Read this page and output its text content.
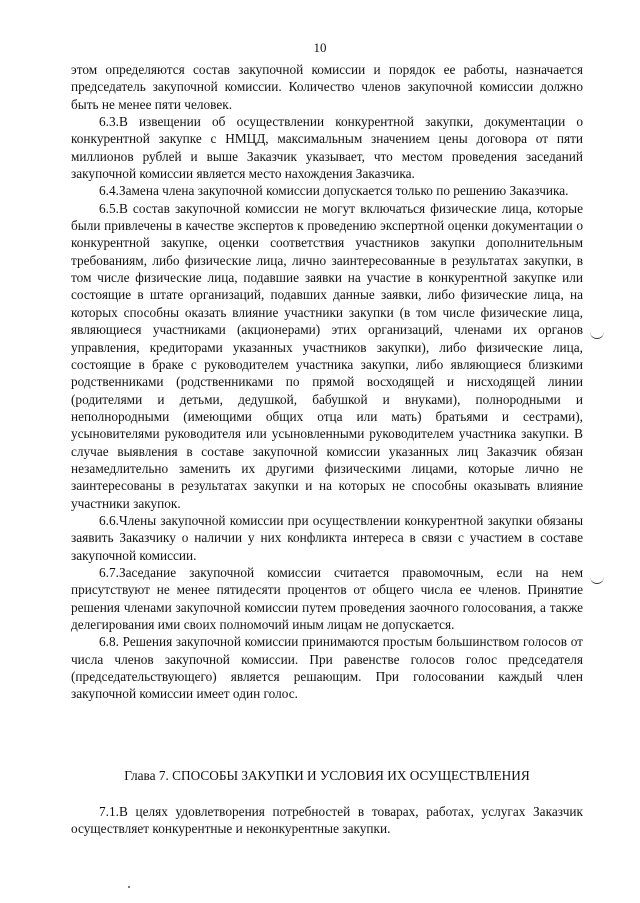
10

этом определяются состав закупочной комиссии и порядок ее работы, назначается председатель закупочной комиссии. Количество членов закупочной комиссии должно быть не менее пяти человек.

6.3.В извещении об осуществлении конкурентной закупки, документации о конкурентной закупке с НМЦД, максимальным значением цены договора от пяти миллионов рублей и выше Заказчик указывает, что местом проведения заседаний закупочной комиссии является место нахождения Заказчика.

6.4.Замена члена закупочной комиссии допускается только по решению Заказчика.

6.5.В состав закупочной комиссии не могут включаться физические лица, которые были привлечены в качестве экспертов к проведению экспертной оценки документации о конкурентной закупке, оценки соответствия участников закупки дополнительным требованиям, либо физические лица, лично заинтересованные в результатах закупки, в том числе физические лица, подавшие заявки на участие в конкурентной закупке или состоящие в штате организаций, подавших данные заявки, либо физические лица, на которых способны оказать влияние участники закупки (в том числе физические лица, являющиеся участниками (акционерами) этих организаций, членами их органов управления, кредиторами указанных участников закупки), либо физические лица, состоящие в браке с руководителем участника закупки, либо являющиеся близкими родственниками (родственниками по прямой восходящей и нисходящей линии (родителями и детьми, дедушкой, бабушкой и внуками), полнородными и неполнородными (имеющими общих отца или мать) братьями и сестрами), усыновителями руководителя или усыновленными руководителем участника закупки. В случае выявления в составе закупочной комиссии указанных лиц Заказчик обязан незамедлительно заменить их другими физическими лицами, которые лично не заинтересованы в результатах закупки и на которых не способны оказывать влияние участники закупок.

6.6.Члены закупочной комиссии при осуществлении конкурентной закупки обязаны заявить Заказчику о наличии у них конфликта интереса в связи с участием в составе закупочной комиссии.

6.7.Заседание закупочной комиссии считается правомочным, если на нем присутствуют не менее пятидесяти процентов от общего числа ее членов. Принятие решения членами закупочной комиссии путем проведения заочного голосования, а также делегирования ими своих полномочий иным лицам не допускается.

6.8. Решения закупочной комиссии принимаются простым большинством голосов от числа членов закупочной комиссии. При равенстве голосов голос председателя (председательствующего) является решающим. При голосовании каждый член закупочной комиссии имеет один голос.

Глава 7. СПОСОБЫ ЗАКУПКИ И УСЛОВИЯ ИХ ОСУЩЕСТВЛЕНИЯ

7.1.В целях удовлетворения потребностей в товарах, работах, услугах Заказчик осуществляет конкурентные и неконкурентные закупки.
